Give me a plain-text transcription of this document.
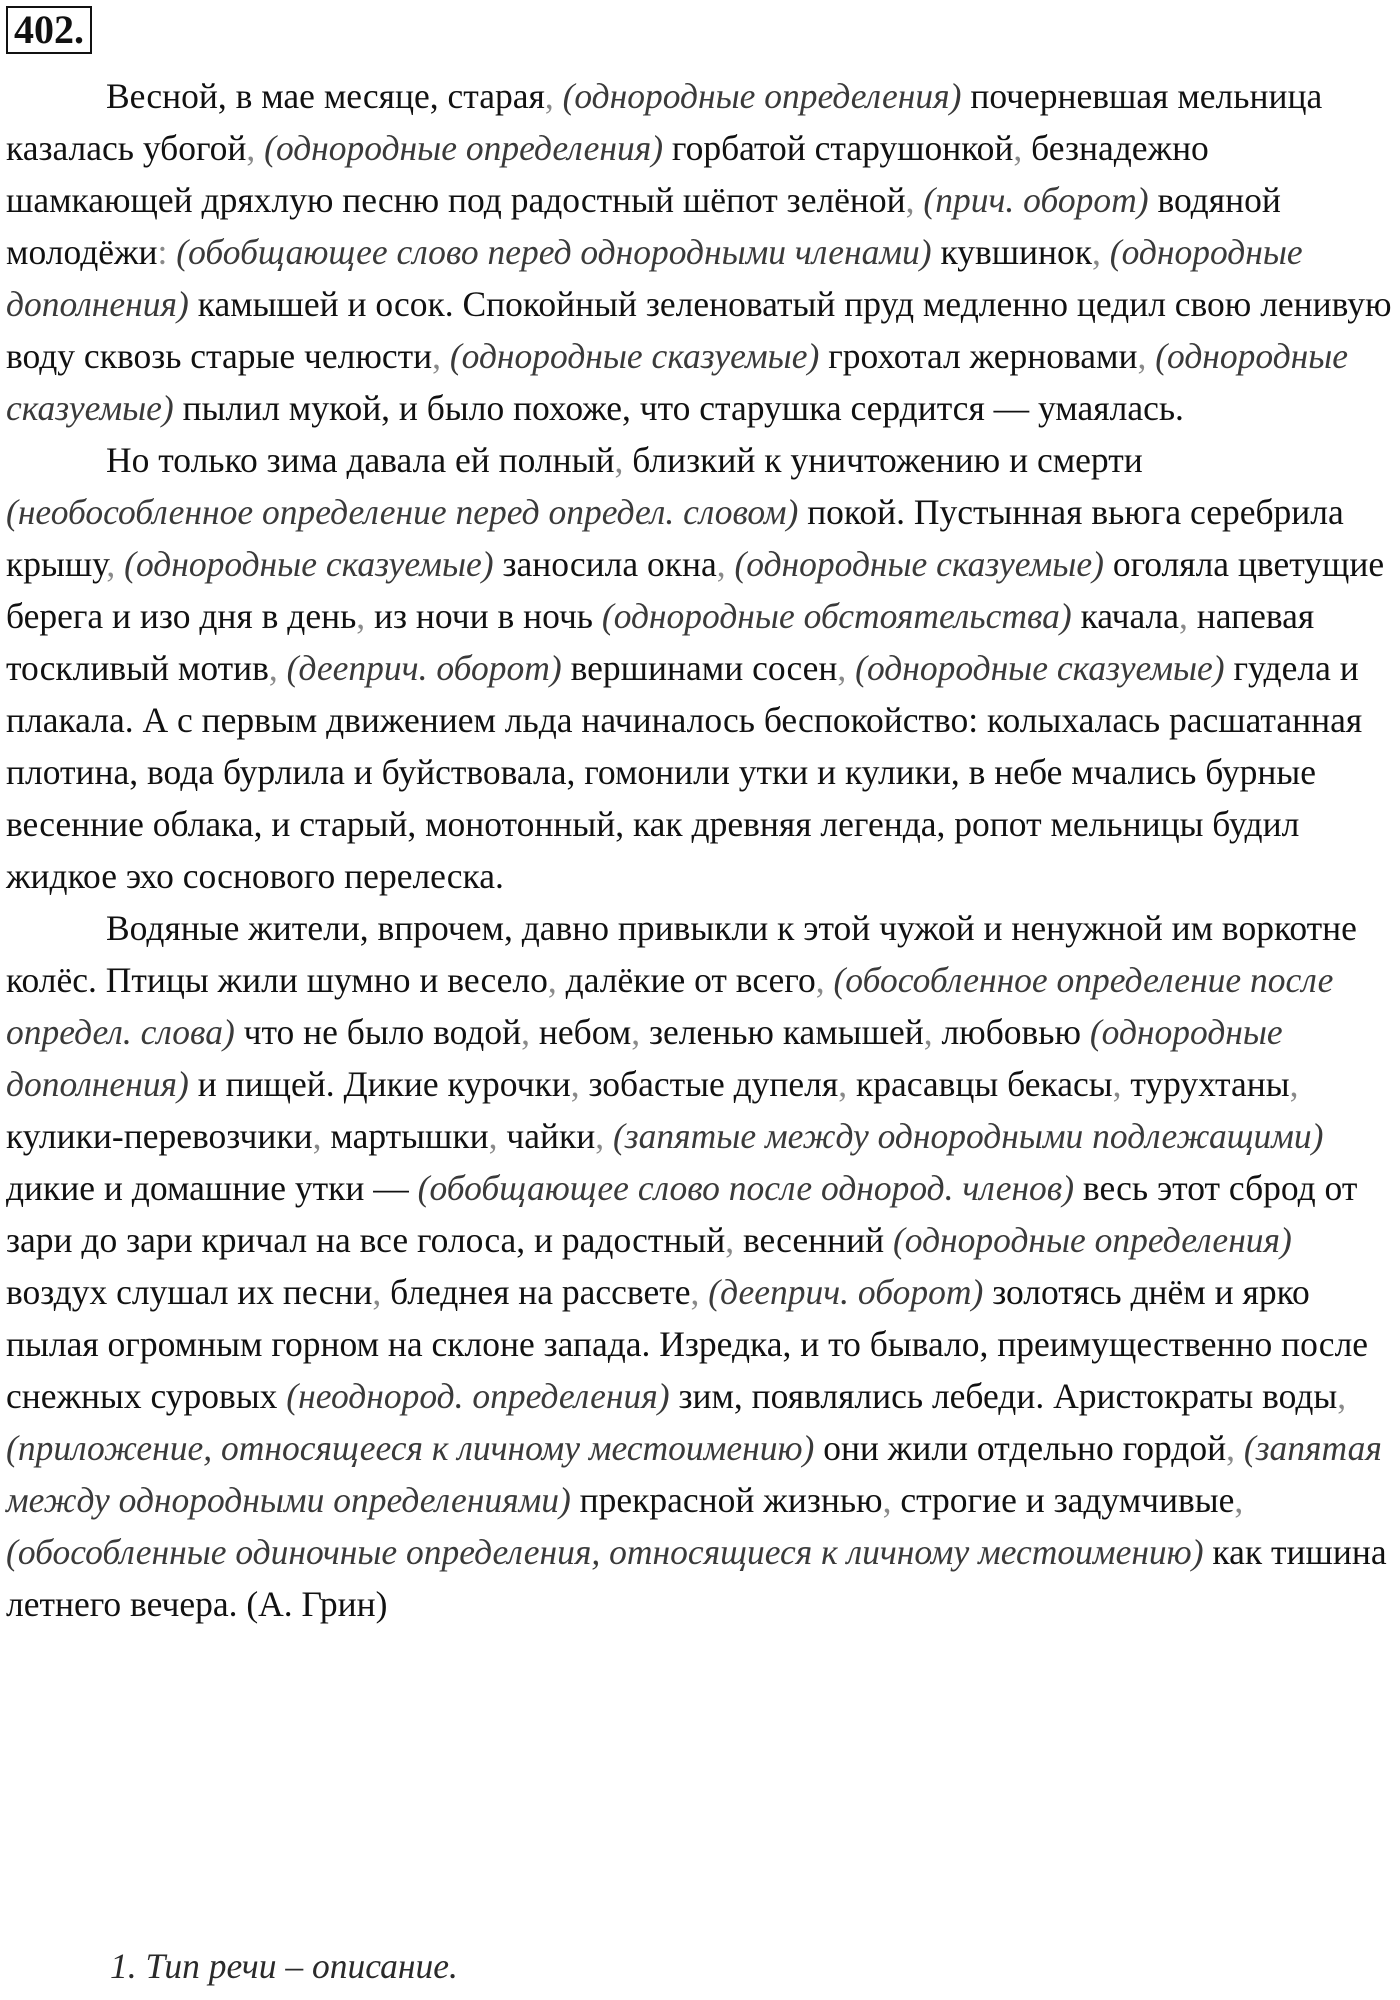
402.

Весной, в мае месяце, старая, (однородные определения) почерневшая мельница казалась убогой, (однородные определения) горбатой старушонкой, безнадежно шамкающей дряхлую песню под радостный шёпот зелёной, (прич. оборот) водяной молодёжи: (обобщающее слово перед однородными членами) кувшинок, (однородные дополнения) камышей и осок. Спокойный зеленоватый пруд медленно цедил свою ленивую воду сквозь старые челюсти, (однородные сказуемые) грохотал жерновами, (однородные сказуемые) пылил мукой, и было похоже, что старушка сердится — умаялась.

Но только зима давала ей полный, близкий к уничтожению и смерти (необособленное определение перед определ. словом) покой. Пустынная вьюга серебрила крышу, (однородные сказуемые) заносила окна, (однородные сказуемые) оголяла цветущие берега и изо дня в день, из ночи в ночь (однородные обстоятельства) качала, напевая тоскливый мотив, (дееприч. оборот) вершинами сосен, (однородные сказуемые) гудела и плакала. А с первым движением льда начиналось беспокойство: колыхалась расшатанная плотина, вода бурлила и буйствовала, гомонили утки и кулики, в небе мчались бурные весенние облака, и старый, монотонный, как древняя легенда, ропот мельницы будил жидкое эхо соснового перелеска.

Водяные жители, впрочем, давно привыкли к этой чужой и ненужной им воркотне колёс. Птицы жили шумно и весело, далёкие от всего, (обособленное определение после определ. слова) что не было водой, небом, зеленью камышей, любовью (однородные дополнения) и пищей. Дикие курочки, зобастые дупеля, красавцы бекасы, турухтаны, кулики-перевозчики, мартышки, чайки, (запятые между однородными подлежащими) дикие и домашние утки — (обобщающее слово после однород. членов) весь этот сброд от зари до зари кричал на все голоса, и радостный, весенний (однородные определения) воздух слушал их песни, бледнея на рассвете, (дееприч. оборот) золотясь днём и ярко пылая огромным горном на склоне запада. Изредка, и то бывало, преимущественно после снежных суровых (неоднород. определения) зим, появлялись лебеди. Аристократы воды, (приложение, относящееся к личному местоимению) они жили отдельно гордой, (запятая между однородными определениями) прекрасной жизнью, строгие и задумчивые, (обособленные одиночные определения, относящиеся к личному местоимению) как тишина летнего вечера. (А. Грин)

1. Тип речи – описание.
